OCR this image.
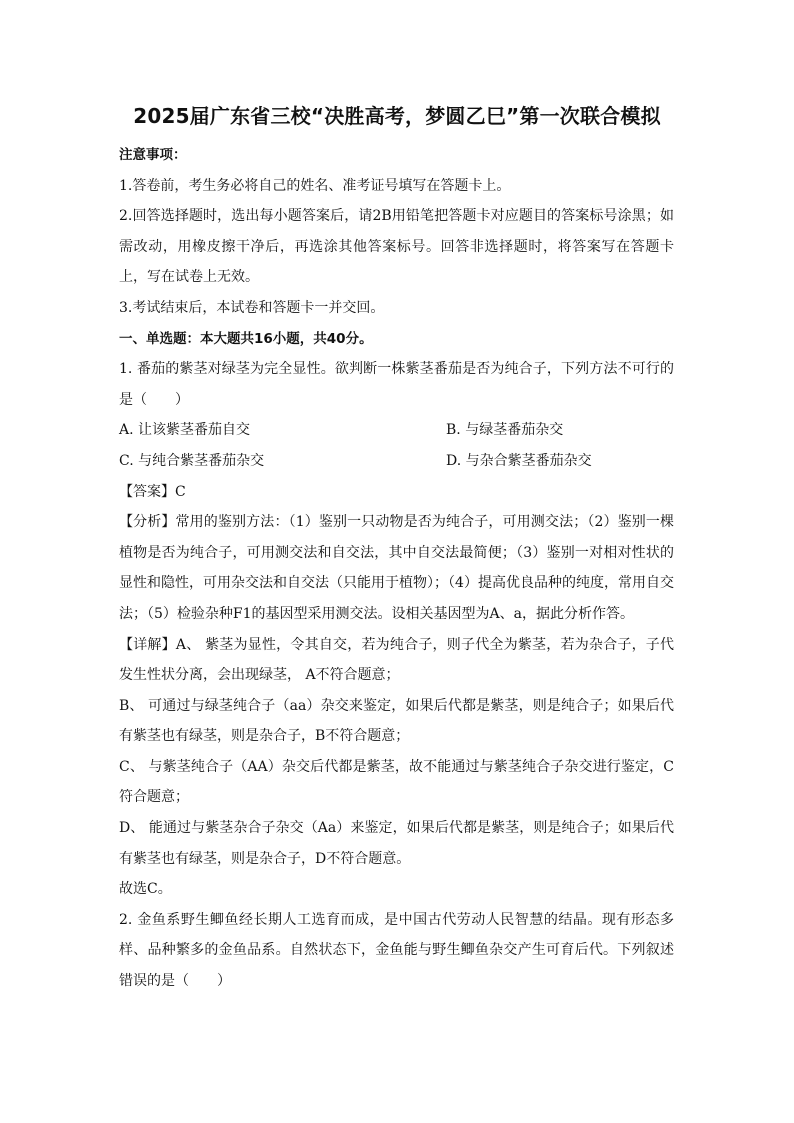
2025届广东省三校“决胜高考，梦圆乙巳”第一次联合模拟

注意事项：

1.答卷前，考生务必将自己的姓名、准考证号填写在答题卡上。

2.回答选择题时，选出每小题答案后，请2B用铅笔把答题卡对应题目的答案标号涂黑；如需改动，用橡皮擦干净后，再选涂其他答案标号。回答非选择题时，将答案写在答题卡上，写在试卷上无效。

3.考试结束后，本试卷和答题卡一并交回。

一、单选题：本大题共16小题，共40分。

1. 番茄的紫茎对绿茎为完全显性。欲判断一株紫茎番茄是否为纯合子，下列方法不可行的是（　　）

A. 让该紫茎番茄自交	B. 与绿茎番茄杂交
C. 与纯合紫茎番茄杂交	D. 与杂合紫茎番茄杂交

【答案】C

【分析】常用的鉴别方法：（1）鉴别一只动物是否为纯合子，可用测交法；（2）鉴别一棵植物是否为纯合子，可用测交法和自交法，其中自交法最简便；（3）鉴别一对相对性状的显性和隐性，可用杂交法和自交法（只能用于植物）；（4）提高优良品种的纯度，常用自交法；（5）检验杂种F1的基因型采用测交法。设相关基因型为A、a，据此分析作答。

【详解】A、 紫茎为显性，令其自交，若为纯合子，则子代全为紫茎，若为杂合子，子代发生性状分离，会出现绿茎， A不符合题意；

B、 可通过与绿茎纯合子（aa）杂交来鉴定，如果后代都是紫茎，则是纯合子；如果后代有紫茎也有绿茎，则是杂合子，B不符合题意；

C、 与紫茎纯合子（AA）杂交后代都是紫茎，故不能通过与紫茎纯合子杂交进行鉴定，C符合题意；

D、 能通过与紫茎杂合子杂交（Aa）来鉴定，如果后代都是紫茎，则是纯合子；如果后代有紫茎也有绿茎，则是杂合子，D不符合题意。

故选C。

2. 金鱼系野生鲫鱼经长期人工选育而成，是中国古代劳动人民智慧的结晶。现有形态多样、品种繁多的金鱼品系。自然状态下，金鱼能与野生鲫鱼杂交产生可育后代。下列叙述错误的是（　　）
